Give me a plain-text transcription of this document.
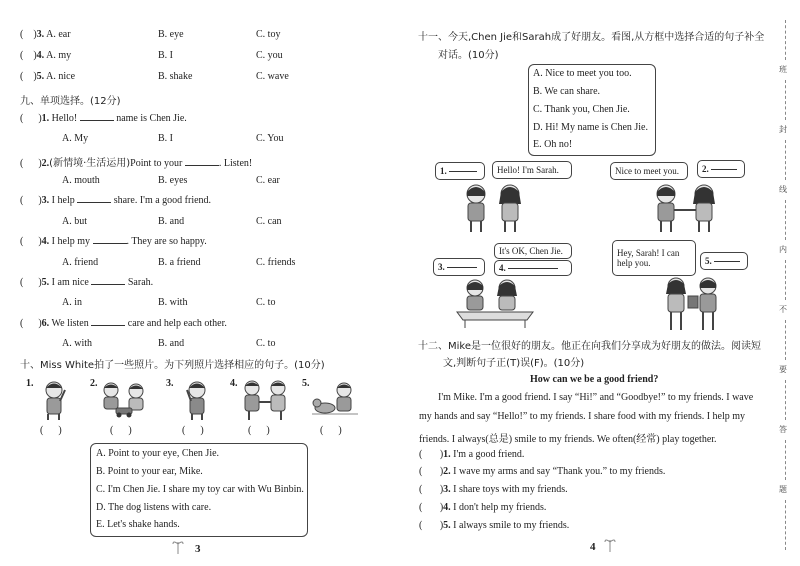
(    )3. A. ear	B. eye	C. toy
(    )4. A. my	B. I	C. you
(    )5. A. nice	B. shake	C. wave
九、单项选择。(12分)
(      )1. Hello!	name is Chen Jie.
A. My	B. I	C. You
(      )2.(新情境·生活运用)Point to your	. Listen!
A. mouth	B. eyes	C. ear
(      )3. I help	share. I'm a good friend.
A. but	B. and	C. can
(      )4. I help my	. They are so happy.
A. friend	B. a friend	C. friends
(      )5. I am nice	Sarah.
A. in	B. with	C. to
(      )6. We listen	care and help each other.
A. with	B. and	C. to
十、Miss White拍了一些照片。为下列照片选择相应的句子。(10分)
1.	2.	3.	4.	5.
(      )	(      )	(      )	(      )	(      )
A. Point to your eye, Chen Jie.
B. Point to your ear, Mike.
C. I'm Chen Jie. I share my toy car with Wu Binbin.
D. The dog listens with care.
E. Let's shake hands.
3
十一、今天,Chen Jie和Sarah成了好朋友。看图,从方框中选择合适的句子补全
对话。(10分)
A. Nice to meet you too.
B. We can share.
C. Thank you, Chen Jie.
D. Hi! My name is Chen Jie.
E. Oh no!
1.	Hello! I'm Sarah.	Nice to meet you.	2.
It's OK, Chen Jie.
4.
3.
Hey, Sarah! I can
help you.	5.
十二、Mike是一位很好的朋友。他正在向我们分享成为好朋友的做法。阅读短
文,判断句子正(T)误(F)。(10分)
How can we be a good friend?
I'm Mike. I'm a good friend. I say “Hi!” and “Goodbye!” to my friends. I wave
my hands and say “Hello!” to my friends. I share food with my friends. I help my
friends. I always(总是) smile to my friends. We often(经常) play together.
(       )1. I'm a good friend.
(       )2. I wave my arms and say “Thank you.” to my friends.
(       )3. I share toys with my friends.
(       )4. I don't help my friends.
(       )5. I always smile to my friends.
4
班
封
线
内
不
要
答
题
